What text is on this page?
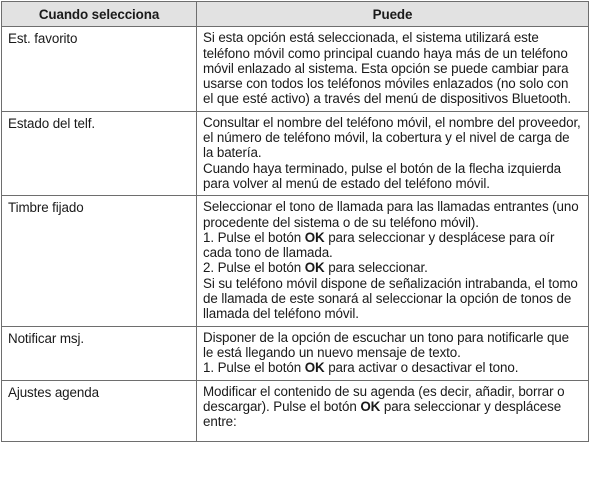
Cuando selecciona	Puede
Est. favorito	Si esta opción está seleccionada, el sistema utilizará este teléfono móvil como principal cuando haya más de un teléfono móvil enlazado al sistema. Esta opción se puede cambiar para usarse con todos los teléfonos móviles enlazados (no solo con el que esté activo) a través del menú de dispositivos Bluetooth.

Estado del telf.	Consultar el nombre del teléfono móvil, el nombre del proveedor, el número de teléfono móvil, la cobertura y el nivel de carga de la batería.
Cuando haya terminado, pulse el botón de la flecha izquierda para volver al menú de estado del teléfono móvil.

Timbre fijado	Seleccionar el tono de llamada para las llamadas entrantes (uno procedente del sistema o de su teléfono móvil).
1. Pulse el botón OK para seleccionar y desplácese para oír cada tono de llamada.
2. Pulse el botón OK para seleccionar.
Si su teléfono móvil dispone de señalización intrabanda, el tomo de llamada de este sonará al seleccionar la opción de tonos de llamada del teléfono móvil.

Notificar msj.	Disponer de la opción de escuchar un tono para notificarle que le está llegando un nuevo mensaje de texto.
1. Pulse el botón OK para activar o desactivar el tono.

Ajustes agenda	Modificar el contenido de su agenda (es decir, añadir, borrar o descargar). Pulse el botón OK para seleccionar y desplácese entre:
